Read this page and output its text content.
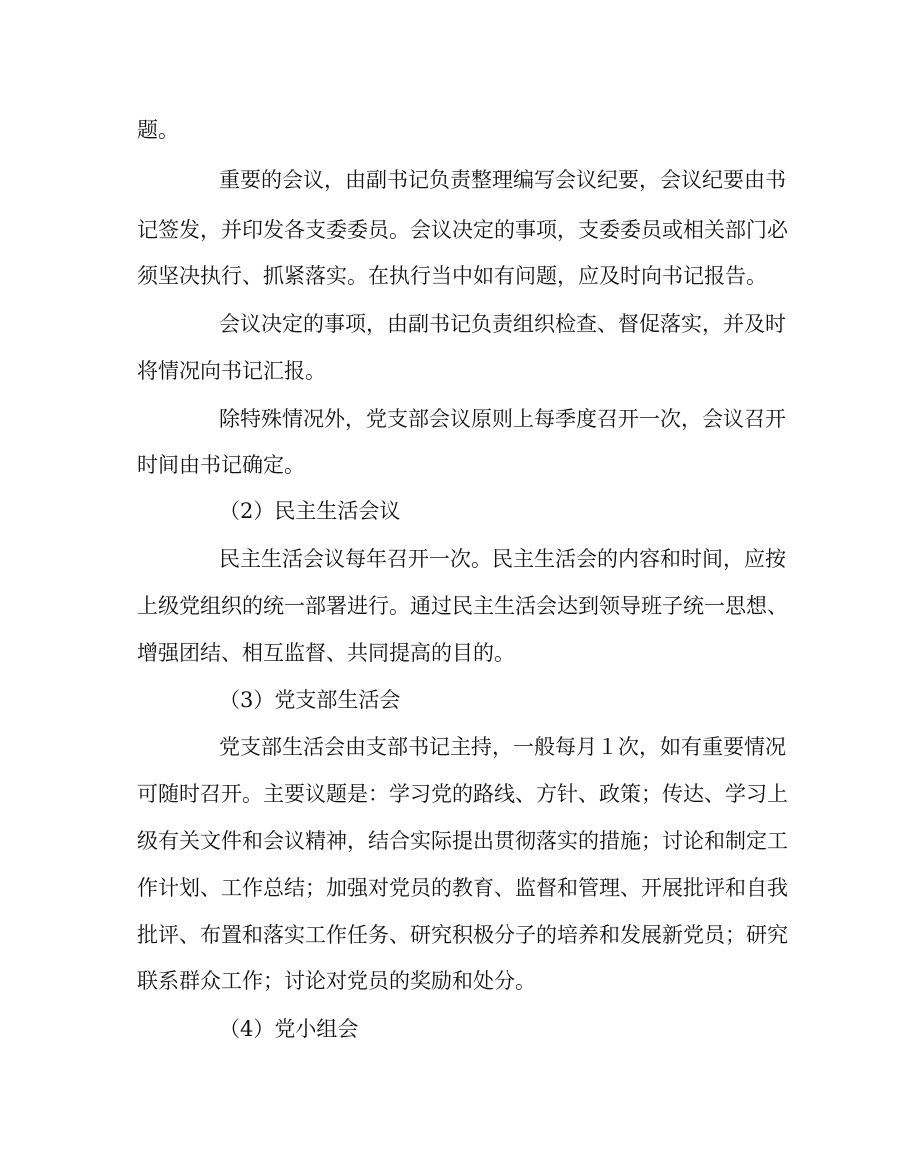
题。
重要的会议，由副书记负责整理编写会议纪要，会议纪要由书
记签发，并印发各支委委员。会议决定的事项，支委委员或相关部门必
须坚决执行、抓紧落实。在执行当中如有问题，应及时向书记报告。
会议决定的事项，由副书记负责组织检查、督促落实，并及时
将情况向书记汇报。
除特殊情况外，党支部会议原则上每季度召开一次，会议召开
时间由书记确定。
（2）民主生活会议
民主生活会议每年召开一次。民主生活会的内容和时间，应按
上级党组织的统一部署进行。通过民主生活会达到领导班子统一思想、
增强团结、相互监督、共同提高的目的。
（3）党支部生活会
党支部生活会由支部书记主持，一般每月１次，如有重要情况
可随时召开。主要议题是：学习党的路线、方针、政策；传达、学习上
级有关文件和会议精神，结合实际提出贯彻落实的措施；讨论和制定工
作计划、工作总结；加强对党员的教育、监督和管理、开展批评和自我
批评、布置和落实工作任务、研究积极分子的培养和发展新党员；研究
联系群众工作；讨论对党员的奖励和处分。
（4）党小组会
